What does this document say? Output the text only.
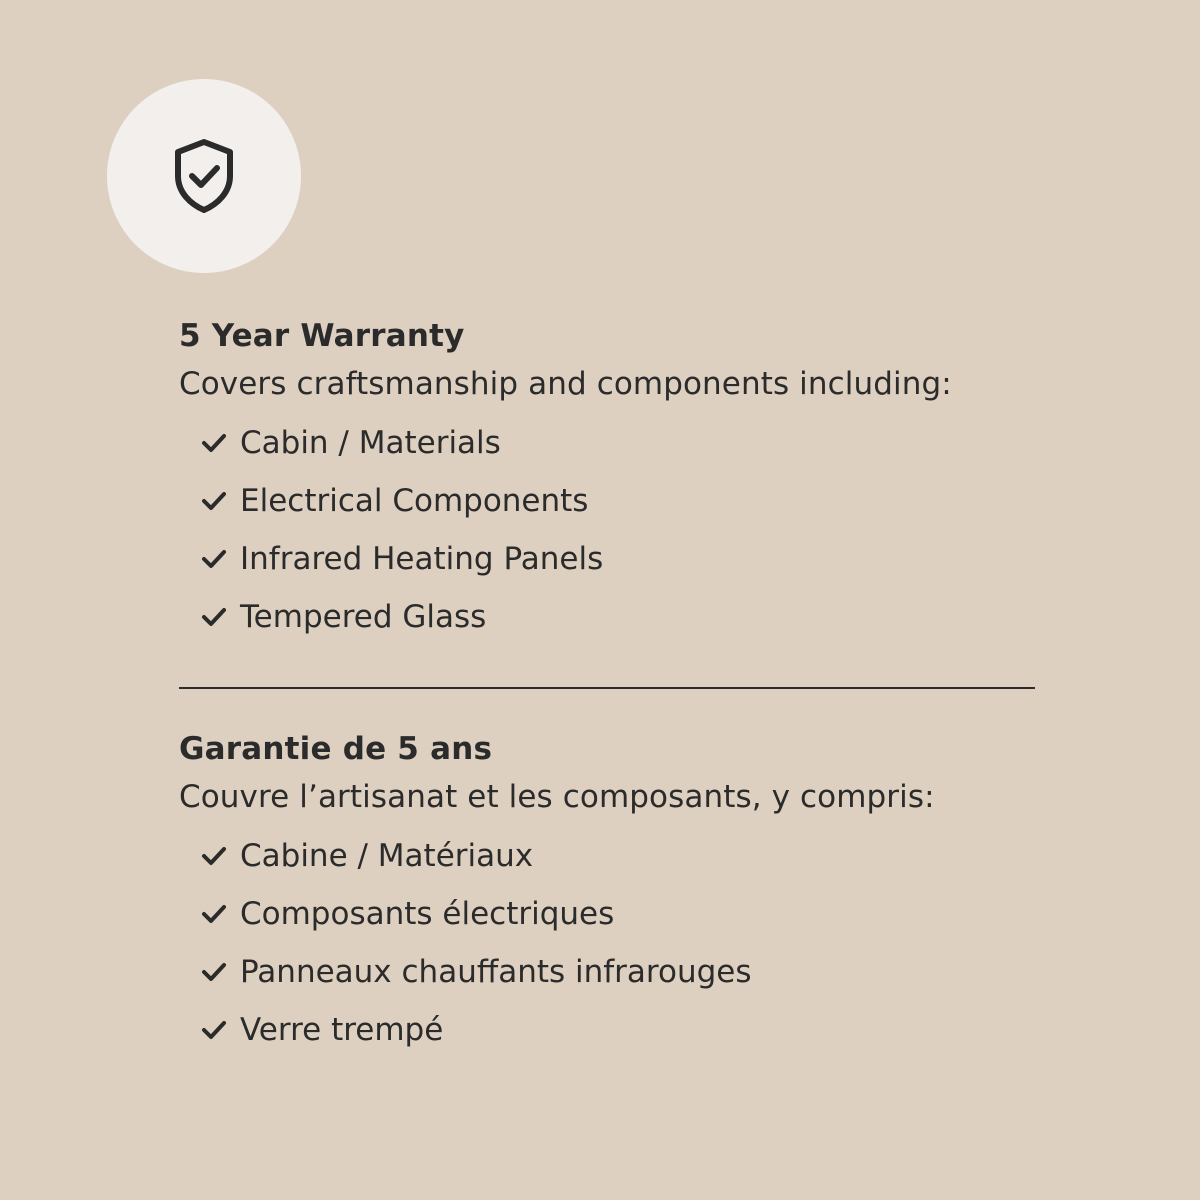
5 Year Warranty

Covers craftsmanship and components including:

Cabin / Materials
Electrical Components
Infrared Heating Panels
Tempered Glass
Garantie de 5 ans

Couvre l’artisanat et les composants, y compris:

Cabine / Matériaux
Composants électriques
Panneaux chauffants infrarouges
Verre trempé
